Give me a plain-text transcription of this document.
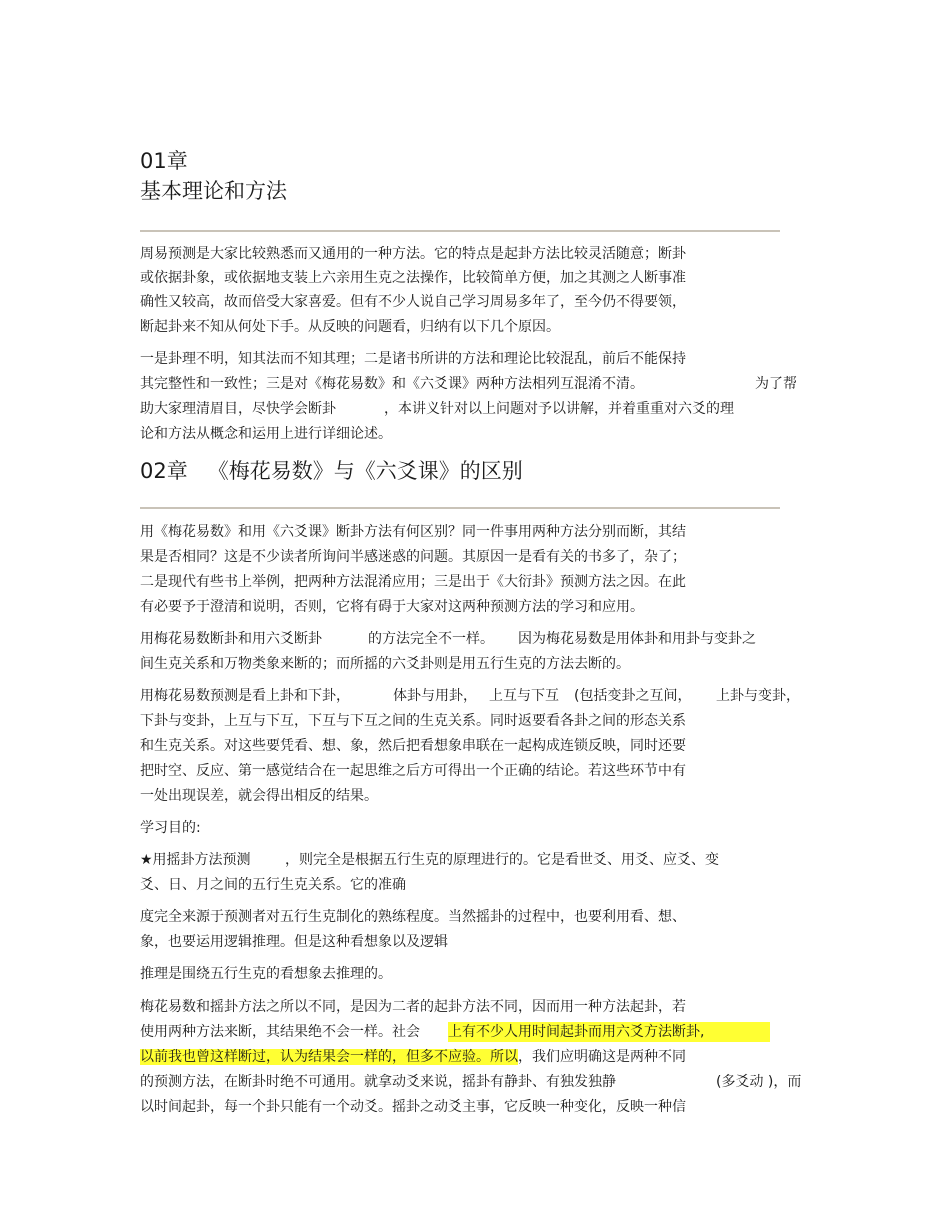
01章
基本理论和方法

周易预测是大家比较熟悉而又通用的一种方法。它的特点是起卦方法比较灵活随意；断卦

或依据卦象，或依据地支装上六亲用生克之法操作，比较简单方便，加之其测之人断事准

确性又较高，故而倍受大家喜爱。但有不少人说自己学习周易多年了，至今仍不得要领，

断起卦来不知从何处下手。从反映的问题看，归纳有以下几个原因。

一是卦理不明，知其法而不知其理；二是诸书所讲的方法和理论比较混乱，前后不能保持

其完整性和一致性；三是对《梅花易数》和《六爻课》两种方法相列互混淆不清。	为了帮

助大家理清眉目，尽快学会断卦	，本讲义针对以上问题对予以讲解，并着重重对六爻的理

论和方法从概念和运用上进行详细论述。

02章 《梅花易数》与《六爻课》的区别

用《梅花易数》和用《六爻课》断卦方法有何区别？同一件事用两种方法分别而断，其结

果是否相同？这是不少读者所询问半感迷惑的问题。其原因一是看有关的书多了，杂了；

二是现代有些书上举例，把两种方法混淆应用；三是出于《大衍卦》预测方法之因。在此

有必要予于澄清和说明，否则，它将有碍于大家对这两种预测方法的学习和应用。

用梅花易数断卦和用六爻断卦	的方法完全不一样。 因为梅花易数是用体卦和用卦与变卦之

间生克关系和万物类象来断的；而所摇的六爻卦则是用五行生克的方法去断的。

用梅花易数预测是看上卦和下卦，	体卦与用卦， 上互与下互 (包括变卦之互间， 上卦与变卦，

下卦与变卦，上互与下互，下互与下互之间的生克关系。同时返要看各卦之间的形态关系

和生克关系。对这些要凭看、想、象，然后把看想象串联在一起构成连锁反映，同时还要

把时空、反应、第一感觉结合在一起思维之后方可得出一个正确的结论。若这些环节中有

一处出现误差，就会得出相反的结果。

学习目的:

★用摇卦方法预测 ，则完全是根据五行生克的原理进行的。它是看世爻、用爻、应爻、变

爻、日、月之间的五行生克关系。它的准确

度完全来源于预测者对五行生克制化的熟练程度。当然摇卦的过程中，也要利用看、想、

象，也要运用逻辑推理。但是这种看想象以及逻辑

推理是围绕五行生克的看想象去推理的。

梅花易数和摇卦方法之所以不同，是因为二者的起卦方法不同，因而用一种方法起卦，若

使用两种方法来断，其结果绝不会一样。社会 上有不少人用时间起卦而用六爻方法断卦,

以前我也曾这样断过，认为结果会一样的，但多不应验。所以，我们应明确这是两种不同

的预测方法，在断卦时绝不可通用。就拿动爻来说，摇卦有静卦、有独发独静	(多爻动 )，而

以时间起卦，每一个卦只能有一个动爻。摇卦之动爻主事，它反映一种变化，反映一种信
